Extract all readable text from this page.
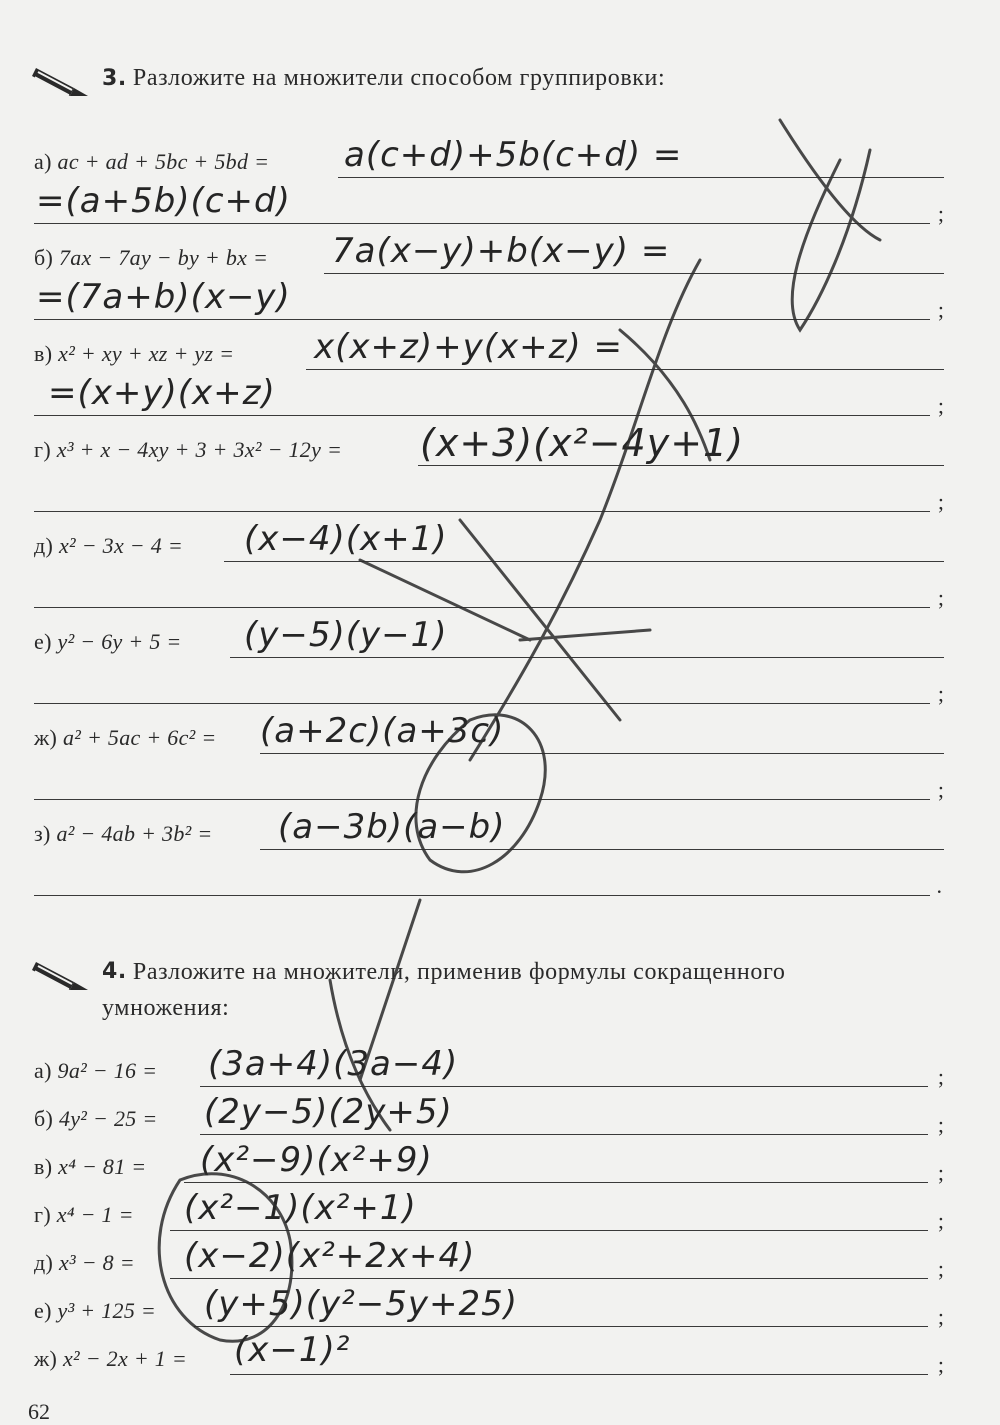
3. Разложите на множители способом группировки:
а) ac + ad + 5bc + 5bd =
;
a(c+d)+5b(c+d) =
=(a+5b)(c+d)
б) 7ax − 7ay − by + bx =
;
7a(x−y)+b(x−y) =
=(7a+b)(x−y)
в) x² + xy + xz + yz =
;
x(x+z)+y(x+z) =
=(x+y)(x+z)
г) x³ + x − 4xy + 3 + 3x² − 12y =
;
(x+3)(x²−4y+1)
д) x² − 3x − 4 =
;
(x−4)(x+1)
е) y² − 6y + 5 =
;
(y−5)(y−1)
ж) a² + 5ac + 6c² =
;
(a+2c)(a+3c)
з) a² − 4ab + 3b² =
.
(a−3b)(a−b)
4. Разложите на множители, применив формулы сокращенного
умножения:
а) 9a² − 16 =	;
(3a+4)(3a−4)
б) 4y² − 25 =	;
(2y−5)(2y+5)
в) x⁴ − 81 =	;
(x²−9)(x²+9)
г) x⁴ − 1 =	;
(x²−1)(x²+1)
д) x³ − 8 =	;
(x−2)(x²+2x+4)
е) y³ + 125 =	;
(y+5)(y²−5y+25)
ж) x² − 2x + 1 =	;
(x−1)²
62
